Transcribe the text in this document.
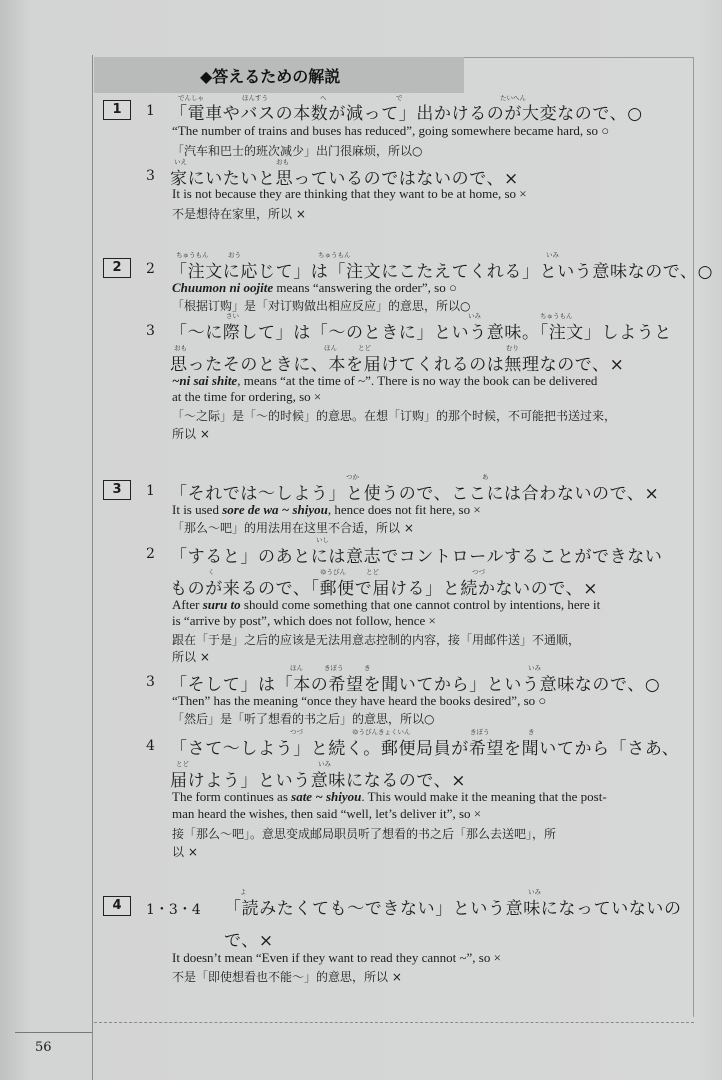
◆答えるための解説
1	1
でんしゃ	ほんすう	へ	で	たいへん
「電車やバスの本数が減って」出かけるのが大変なので、○
“The number of trains and buses has reduced”, going somewhere became hard, so ○
「汽车和巴士的班次减少」出门很麻烦，所以○
3
いえ	おも
家にいたいと思っているのではないので、×
It is not because they are thinking that they want to be at home, so ×
不是想待在家里，所以 ×
2	2
ちゅうもん	おう	ちゅうもん	いみ
「注文に応じて」は「注文にこたえてくれる」という意味なので、○
Chuumon ni oojite means “answering the order”, so ○
「根据订购」是「对订购做出相应反应」的意思，所以○
3
さい	いみ	ちゅうもん
「～に際して」は「～のときに」という意味。「注文」しようと
おも	ほん	とど	むり
思ったそのときに、本を届けてくれるのは無理なので、×
~ni sai shite, means “at the time of ~”. There is no way the book can be delivered
at the time for ordering, so ×
「～之际」是「～的时候」的意思。在想「订购」的那个时候，不可能把书送过来，
所以 ×
3	1
つか	あ
「それでは～しよう」と使うので、ここには合わないので、×
It is used sore de wa ~ shiyou, hence does not fit here, so ×
「那么～吧」的用法用在这里不合适，所以 ×
2
いし
「すると」のあとには意志でコントロールすることができない
く	ゆうびん	とど	つづ
ものが来るので、「郵便で届ける」と続かないので、×
After suru to should come something that one cannot control by intentions, here it
is “arrive by post”, which does not follow, hence ×
跟在「于是」之后的应该是无法用意志控制的内容，接「用邮件送」不通顺，
所以 ×
3
ほん	きぼう	き	いみ
「そして」は「本の希望を聞いてから」という意味なので、○
“Then” has the meaning “once they have heard the books desired”, so ○
「然后」是「听了想看的书之后」的意思，所以○
4
つづ	ゆうびんきょくいん	きぼう	き
「さて～しよう」と続く。郵便局員が希望を聞いてから「さあ、
とど	いみ
届けよう」という意味になるので、×
The form continues as sate ~ shiyou. This would make it the meaning that the post-
man heard the wishes, then said “well, let’s deliver it”, so ×
接「那么～吧」。意思变成邮局职员听了想看的书之后「那么去送吧」，所
以 ×
4	1・3・4
よ	いみ
「読みたくても～できない」という意味になっていないの
で、×
It doesn’t mean “Even if they want to read they cannot ~”, so ×
不是「即使想看也不能～」的意思，所以 ×
56
